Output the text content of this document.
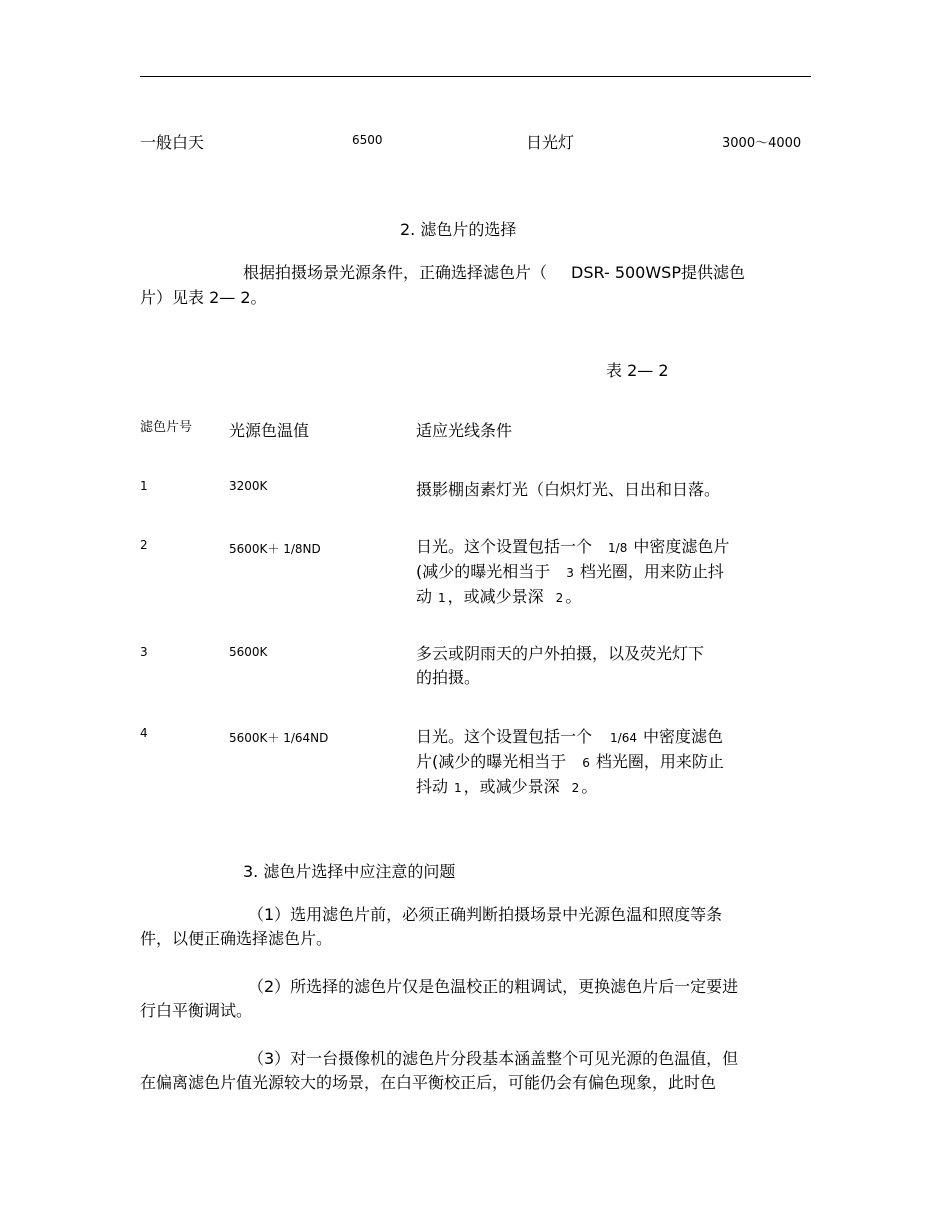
一般白天	6500	日光灯	3000～4000
2. 滤色片的选择
根据拍摄场景光源条件，正确选择滤色片（ DSR- 500WSP提供滤色
片）见表 2— 2。
表 2— 2
滤色片号 光源色温值	适应光线条件
1	3200K	摄影棚卤素灯光（白炽灯光、日出和日落。
2	5600K＋ 1/8ND	日光。这个设置包括一个 1/8 中密度滤色片
(减少的曝光相当于 3 档光圈，用来防止抖
动 1 ，或减少景深 2 。
3	5600K	多云或阴雨天的户外拍摄，以及荧光灯下
的拍摄。
4	5600K＋ 1/64ND	日光。这个设置包括一个 1/64 中密度滤色
片(减少的曝光相当于 6 档光圈，用来防止
抖动 1 ，或减少景深 2 。
3. 滤色片选择中应注意的问题
（1）选用滤色片前，必须正确判断拍摄场景中光源色温和照度等条
件，以便正确选择滤色片。
（2）所选择的滤色片仅是色温校正的粗调试，更换滤色片后一定要进
行白平衡调试。
（3）对一台摄像机的滤色片分段基本涵盖整个可见光源的色温值，但
在偏离滤色片值光源较大的场景，在白平衡校正后，可能仍会有偏色现象，此时色
